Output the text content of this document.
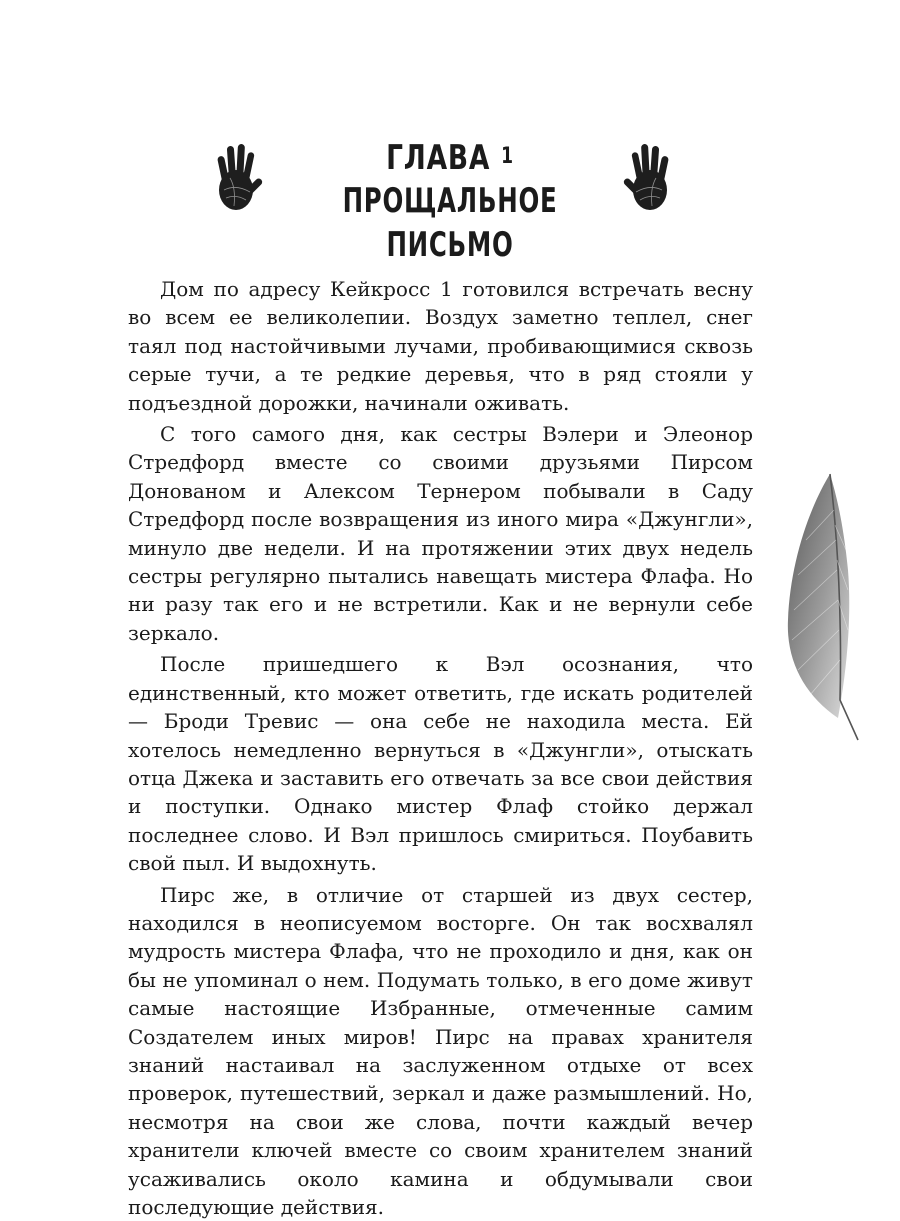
ГЛАВА 1
ПРОЩАЛЬНОЕ ПИСЬМО

Дом по адресу Кейкросс 1 готовился встречать весну во всем ее великолепии. Воздух заметно теплел, снег таял под настойчивыми лучами, пробивающимися сквозь серые тучи, а те редкие деревья, что в ряд стояли у подъездной дорожки, начинали оживать.

С того самого дня, как сестры Вэлери и Элеонор Стредфорд вместе со своими друзьями Пирсом Донованом и Алексом Тернером побывали в Саду Стредфорд после возвращения из иного мира «Джунгли», минуло две недели. И на протяжении этих двух недель сестры регулярно пытались навещать мистера Флафа. Но ни разу так его и не встретили. Как и не вернули себе зеркало.

После пришедшего к Вэл осознания, что единственный, кто может ответить, где искать родителей — Броди Тревис — она себе не находила места. Ей хотелось немедленно вернуться в «Джунгли», отыскать отца Джека и заставить его отвечать за все свои действия и поступки. Однако мистер Флаф стойко держал последнее слово. И Вэл пришлось смириться. Поубавить свой пыл. И выдохнуть.

Пирс же, в отличие от старшей из двух сестер, находился в неописуемом восторге. Он так восхвалял мудрость мистера Флафа, что не проходило и дня, как он бы не упоминал о нем. Подумать только, в его доме живут самые настоящие Избранные, отмеченные самим Создателем иных миров! Пирс на правах хранителя знаний настаивал на заслуженном отдыхе от всех проверок, путешествий, зеркал и даже размышлений. Но, несмотря на свои же слова, почти каждый вечер хранители ключей вместе со своим хранителем знаний усаживались около камина и обдумывали свои последующие действия.
